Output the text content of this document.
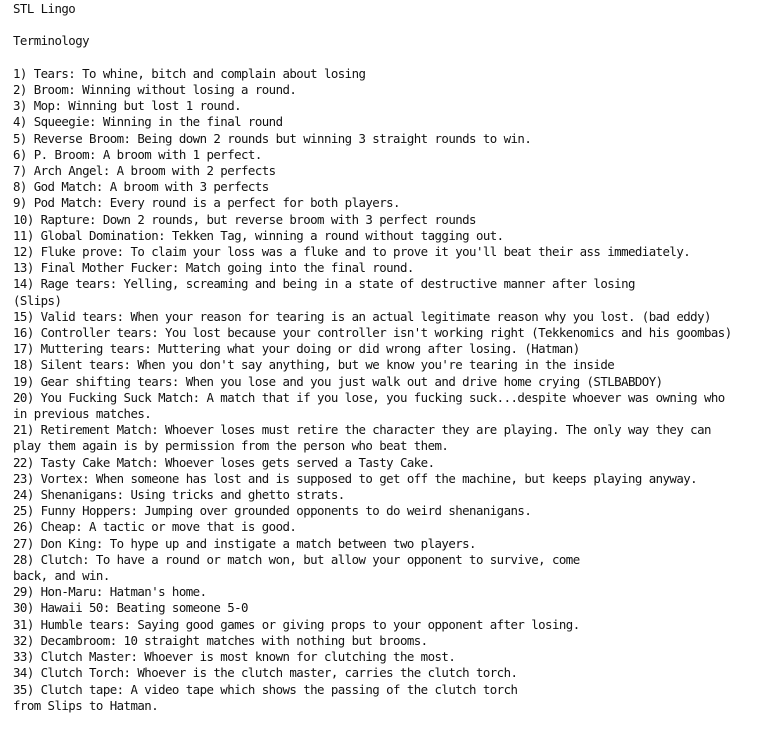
STL Lingo
Terminology
1) Tears: To whine, bitch and complain about losing
2) Broom: Winning without losing a round.
3) Mop: Winning but lost 1 round.
4) Squeegie: Winning in the final round
5) Reverse Broom: Being down 2 rounds but winning 3 straight rounds to win.
6) P. Broom: A broom with 1 perfect.
7) Arch Angel: A broom with 2 perfects
8) God Match: A broom with 3 perfects
9) Pod Match: Every round is a perfect for both players.
10) Rapture: Down 2 rounds, but reverse broom with 3 perfect rounds
11) Global Domination: Tekken Tag, winning a round without tagging out.
12) Fluke prove: To claim your loss was a fluke and to prove it you'll beat their ass immediately.
13) Final Mother Fucker: Match going into the final round.
14) Rage tears: Yelling, screaming and being in a state of destructive manner after losing
(Slips)
15) Valid tears: When your reason for tearing is an actual legitimate reason why you lost. (bad eddy)
16) Controller tears: You lost because your controller isn't working right (Tekkenomics and his goombas)
17) Muttering tears: Muttering what your doing or did wrong after losing. (Hatman)
18) Silent tears: When you don't say anything, but we know you're tearing in the inside
19) Gear shifting tears: When you lose and you just walk out and drive home crying (STLBABDOY)
20) You Fucking Suck Match: A match that if you lose, you fucking suck...despite whoever was owning who
in previous matches.
21) Retirement Match: Whoever loses must retire the character they are playing. The only way they can
play them again is by permission from the person who beat them.
22) Tasty Cake Match: Whoever loses gets served a Tasty Cake.
23) Vortex: When someone has lost and is supposed to get off the machine, but keeps playing anyway.
24) Shenanigans: Using tricks and ghetto strats.
25) Funny Hoppers: Jumping over grounded opponents to do weird shenanigans.
26) Cheap: A tactic or move that is good.
27) Don King: To hype up and instigate a match between two players.
28) Clutch: To have a round or match won, but allow your opponent to survive, come
back, and win.
29) Hon-Maru: Hatman's home.
30) Hawaii 50: Beating someone 5-0
31) Humble tears: Saying good games or giving props to your opponent after losing.
32) Decambroom: 10 straight matches with nothing but brooms.
33) Clutch Master: Whoever is most known for clutching the most.
34) Clutch Torch: Whoever is the clutch master, carries the clutch torch.
35) Clutch tape: A video tape which shows the passing of the clutch torch
from Slips to Hatman.
